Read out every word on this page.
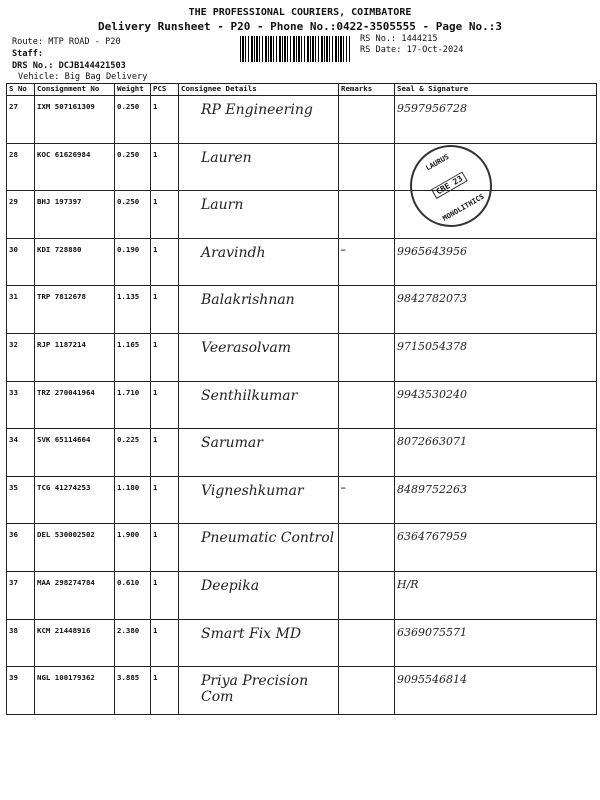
THE PROFESSIONAL COURIERS, COIMBATORE
Delivery Runsheet - P20 - Phone No.:0422-3505555 - Page No.:3
Route: MTP ROAD - P20
Staff:
DRS No.: DCJB144421503
Vehicle: Big Bag Delivery
RS No.: 1444215
RS Date: 17-Oct-2024
S No	Consignment No	Weight	PCS	Consignee Details	Remarks	Seal & Signature
27	IXM 507161309	0.250	1	RP Engineering		9597956728

28	KOC 61626984	0.250	1	Lauren		

29	BHJ 197397	0.250	1	Laurn		

30	KDI 728880	0.190	1	Aravindh	–	9965643956

31	TRP 7812678	1.135	1	Balakrishnan		9842782073

32	RJP 1187214	1.165	1	Veerasolvam		9715054378

33	TRZ 270041964	1.710	1	Senthilkumar		9943530240

34	SVK 65114664	0.225	1	Sarumar		8072663071

35	TCG 41274253	1.180	1	Vigneshkumar	–	8489752263

36	DEL 530002502	1.900	1	Pneumatic Control		6364767959

37	MAA 298274784	0.610	1	Deepika		H/R

38	KCM 21448916	2.380	1	Smart Fix MD		6369075571

39	NGL 100179362	3.885	1	Priya Precision Com		9095546814
LAURUS
CBE 23
MONOLITHICS
